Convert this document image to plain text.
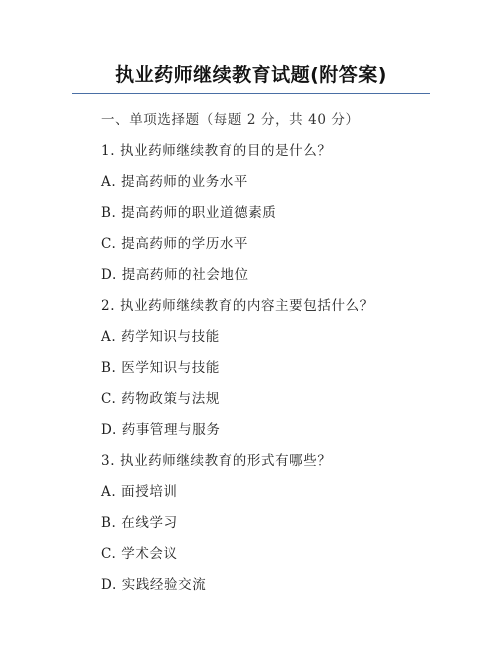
执业药师继续教育试题(附答案)
一、单项选择题（每题 2 分，共 40 分）
1. 执业药师继续教育的目的是什么？
A. 提高药师的业务水平
B. 提高药师的职业道德素质
C. 提高药师的学历水平
D. 提高药师的社会地位
2. 执业药师继续教育的内容主要包括什么？
A. 药学知识与技能
B. 医学知识与技能
C. 药物政策与法规
D. 药事管理与服务
3. 执业药师继续教育的形式有哪些？
A. 面授培训
B. 在线学习
C. 学术会议
D. 实践经验交流
